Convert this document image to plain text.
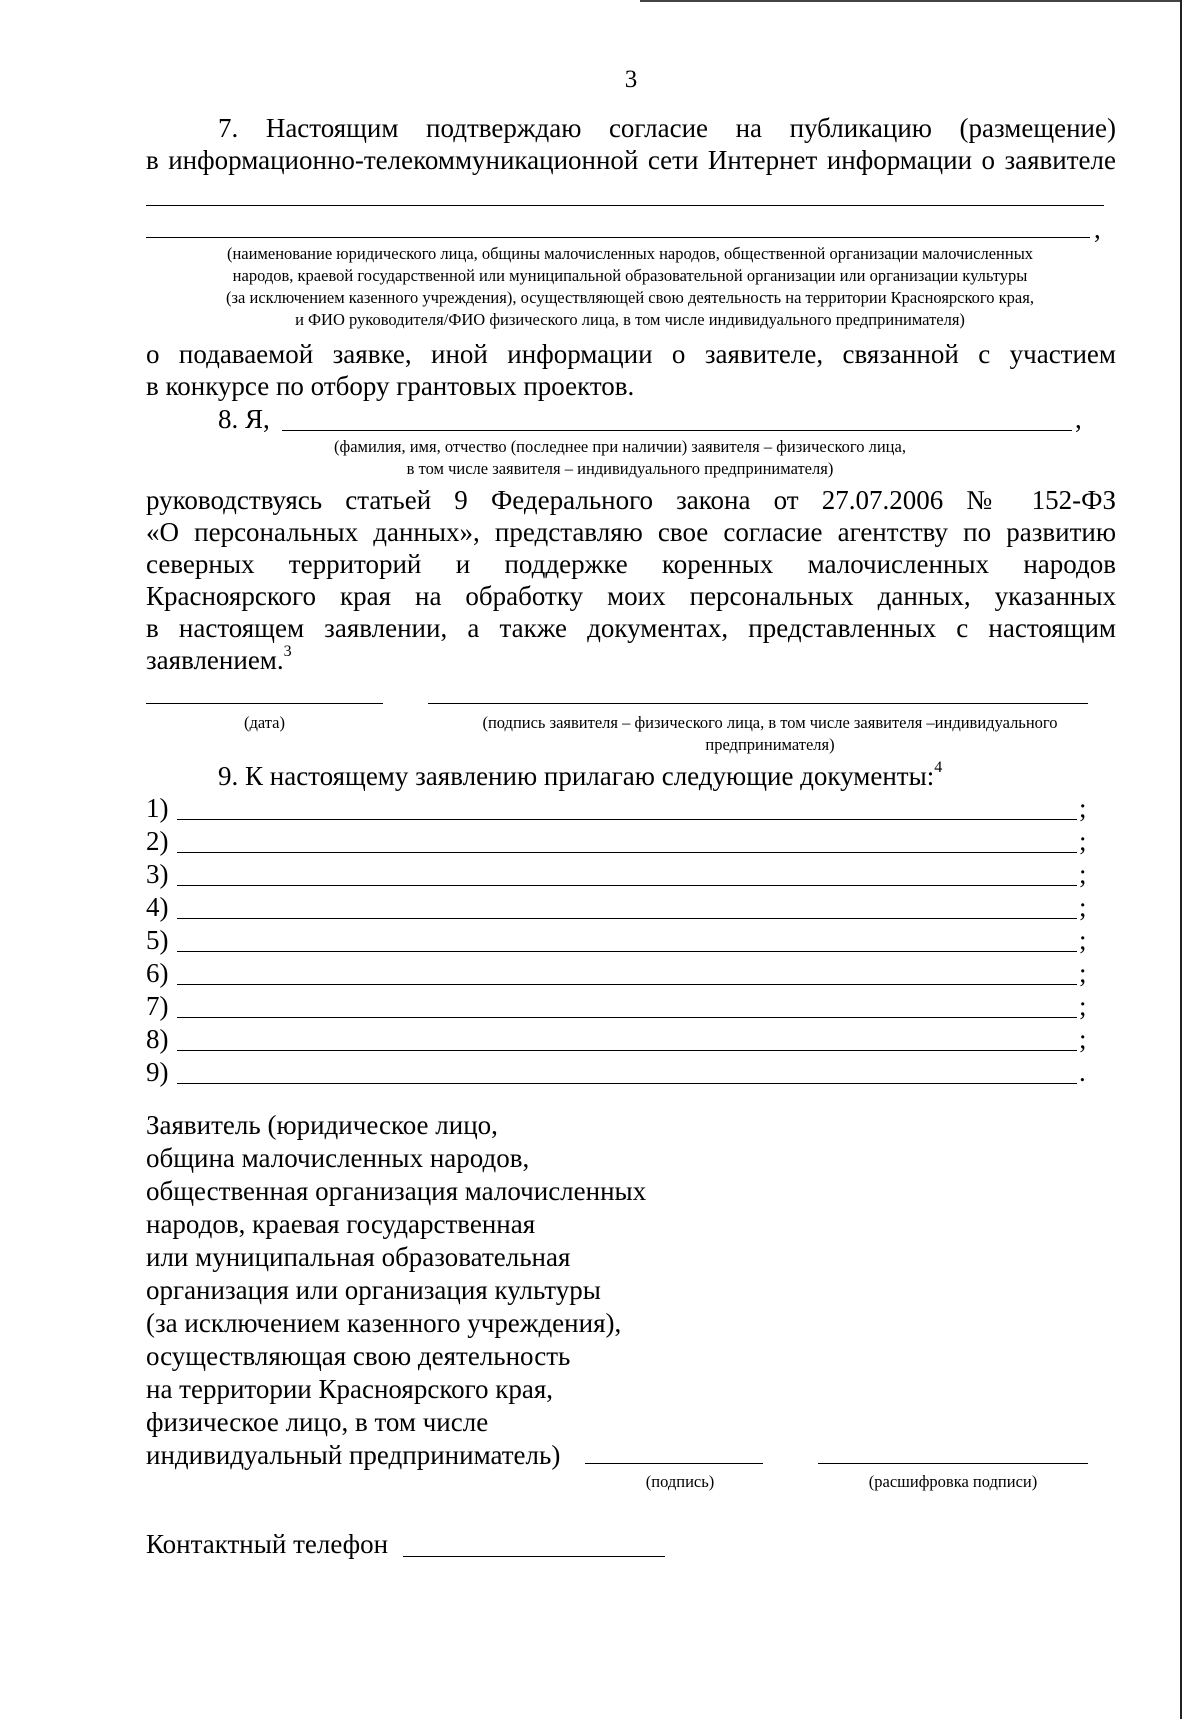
3
7. Настоящим подтверждаю согласие на публикацию (размещение)
в информационно-телекоммуникационной сети Интернет информации о заявителе
,
(наименование юридического лица, общины малочисленных народов, общественной организации малочисленных
народов, краевой государственной или муниципальной образовательной организации или организации культуры
(за исключением казенного учреждения), осуществляющей свою деятельность на территории Красноярского края,
и ФИО руководителя/ФИО физического лица, в том числе индивидуального предпринимателя)
о подаваемой заявке, иной информации о заявителе, связанной с участием
в конкурсе по отбору грантовых проектов.
8. Я,	,
(фамилия, имя, отчество (последнее при наличии) заявителя – физического лица,
в том числе заявителя – индивидуального предпринимателя)
руководствуясь статьей 9 Федерального закона от 27.07.2006 № 152-ФЗ
«О персональных данных», представляю свое согласие агентству по развитию
северных территорий и поддержке коренных малочисленных народов
Красноярского края на обработку моих персональных данных, указанных
в настоящем заявлении, а также документах, представленных с настоящим
заявлением.$^3$
(дата)	(подпись заявителя – физического лица, в том числе заявителя –индивидуального
предпринимателя)
9. К настоящему заявлению прилагаю следующие документы:$^4$
1)	;
2)	;
3)	;
4)	;
5)	;
6)	;
7)	;
8)	;
9)	.
Заявитель (юридическое лицо,
община малочисленных народов,
общественная организация малочисленных
народов, краевая государственная
или муниципальная образовательная
организация или организация культуры
(за исключением казенного учреждения),
осуществляющая свою деятельность
на территории Красноярского края,
физическое лицо, в том числе
индивидуальный предприниматель)
(подпись)	(расшифровка подписи)
Контактный телефон
